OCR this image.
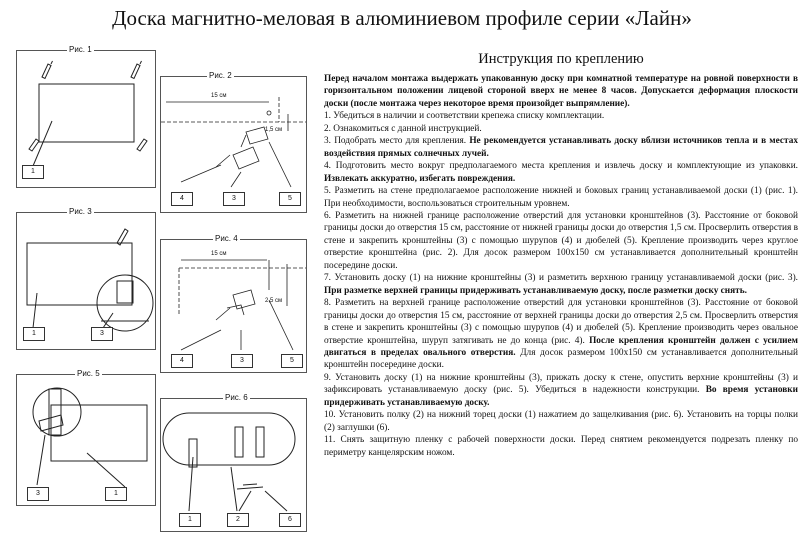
Доска магнитно-меловая в алюминиевом профиле серии «Лайн»
Рис. 1
1
Рис. 2
15 см
1,5 см
4	3	5
Рис. 3
1	3
Рис. 4
15 см
2,5 см
4	3	5
Рис. 5
3	1
Рис. 6
1	2	6
Инструкция по креплению

Перед началом монтажа выдержать упакованную доску при комнатной температуре на ровной поверхности в горизонтальном положении лицевой стороной вверх не менее 8 часов. Допускается деформация плоскости доски (после монтажа через некоторое время произойдет выпрямление).

1. Убедиться в наличии и соответствии крепежа списку комплектации.

2. Ознакомиться с данной инструкцией.

3. Подобрать место для крепления. Не рекомендуется устанавливать доску вблизи источников тепла и в местах воздействия прямых солнечных лучей.

4. Подготовить место вокруг предполагаемого места крепления и извлечь доску и комплектующие из упаковки. Извлекать аккуратно, избегать повреждения.

5. Разметить на стене предполагаемое расположение нижней и боковых границ устанавливаемой доски (1) (рис. 1). При необходимости, воспользоваться строительным уровнем.

6. Разметить на нижней границе расположение отверстий для установки кронштейнов (3). Расстояние от боковой границы доски до отверстия 15 см, расстояние от нижней границы доски до отверстия 1,5 см. Просверлить отверстия в стене и закрепить кронштейны (3) с помощью шурупов (4) и дюбелей (5). Крепление производить через круглое отверстие кронштейна (рис. 2). Для досок размером 100х150 см устанавливается дополнительный кронштейн посередине доски.

7. Установить доску (1) на нижние кронштейны (3) и разметить верхнюю границу устанавливаемой доски (рис. 3). При разметке верхней границы придерживать устанавливаемую доску, после разметки доску снять.

8. Разметить на верхней границе расположение отверстий для установки кронштейнов (3). Расстояние от боковой границы доски до отверстия 15 см, расстояние от верхней границы доски до отверстия 2,5 см. Просверлить отверстия в стене и закрепить кронштейны (3) с помощью шурупов (4) и дюбелей (5). Крепление производить через овальное отверстие кронштейна, шуруп затягивать не до конца (рис. 4). После крепления кронштейн должен с усилием двигаться в пределах овального отверстия. Для досок размером 100х150 см устанавливается дополнительный кронштейн посередине доски.

9. Установить доску (1) на нижние кронштейны (3), прижать доску к стене, опустить верхние кронштейны (3) и зафиксировать устанавливаемую доску (рис. 5). Убедиться в надежности конструкции. Во время установки придерживать устанавливаемую доску.

10. Установить полку (2) на нижний торец доски (1) нажатием до защелкивания (рис. 6). Установить на торцы полки (2) заглушки (6).

11. Снять защитную пленку с рабочей поверхности доски. Перед снятием рекомендуется подрезать пленку по периметру канцелярским ножом.
